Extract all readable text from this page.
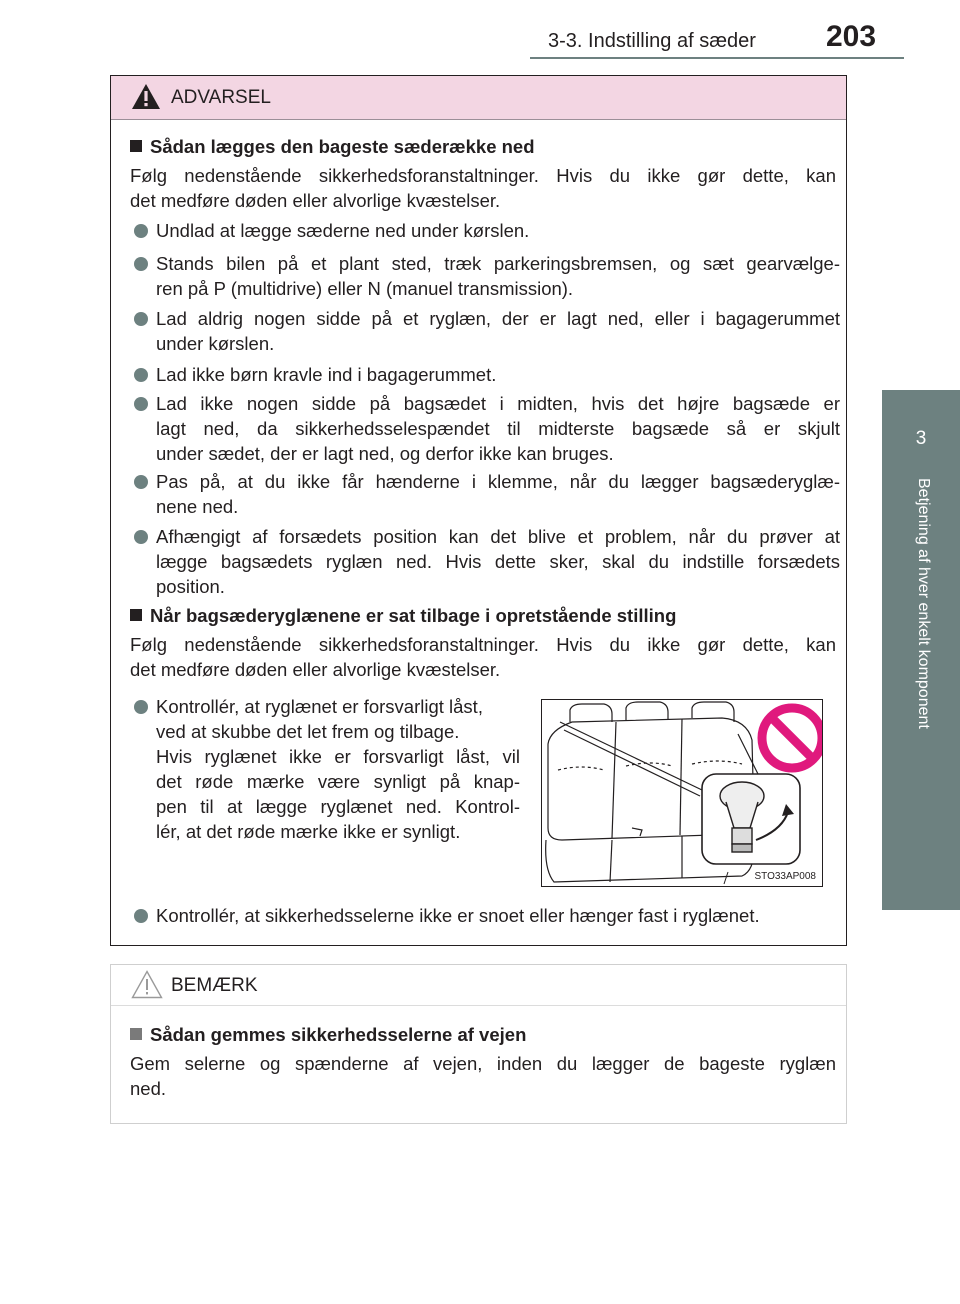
3-3. Indstilling af sæder 203
3
Betjening af hver enkelt komponent
ADVARSEL
Sådan lægges den bageste sæderække ned
Følg nedenstående sikkerhedsforanstaltninger. Hvis du ikke gør dette, kan
det medføre døden eller alvorlige kvæstelser.
Undlad at lægge sæderne ned under kørslen.
Stands bilen på et plant sted, træk parkeringsbremsen, og sæt gearvælge-
ren på P (multidrive) eller N (manuel transmission).
Lad aldrig nogen sidde på et ryglæn, der er lagt ned, eller i bagagerummet
under kørslen.
Lad ikke børn kravle ind i bagagerummet.
Lad ikke nogen sidde på bagsædet i midten, hvis det højre bagsæde er
lagt ned, da sikkerhedsselespændet til midterste bagsæde så er skjult
under sædet, der er lagt ned, og derfor ikke kan bruges.
Pas på, at du ikke får hænderne i klemme, når du lægger bagsæderyglæ-
nene ned.
Afhængigt af forsædets position kan det blive et problem, når du prøver at
lægge bagsædets ryglæn ned. Hvis dette sker, skal du indstille forsædets
position.
Når bagsæderyglænene er sat tilbage i opretstående stilling
Følg nedenstående sikkerhedsforanstaltninger. Hvis du ikke gør dette, kan
det medføre døden eller alvorlige kvæstelser.
Kontrollér, at ryglænet er forsvarligt låst,
ved at skubbe det let frem og tilbage.
Hvis ryglænet ikke er forsvarligt låst, vil
det røde mærke være synligt på knap-
pen til at lægge ryglænet ned. Kontrol-
lér, at det røde mærke ikke er synligt.
STO33AP008
Kontrollér, at sikkerhedsselerne ikke er snoet eller hænger fast i ryglænet.
BEMÆRK
Sådan gemmes sikkerhedsselerne af vejen
Gem selerne og spænderne af vejen, inden du lægger de bageste ryglæn
ned.
